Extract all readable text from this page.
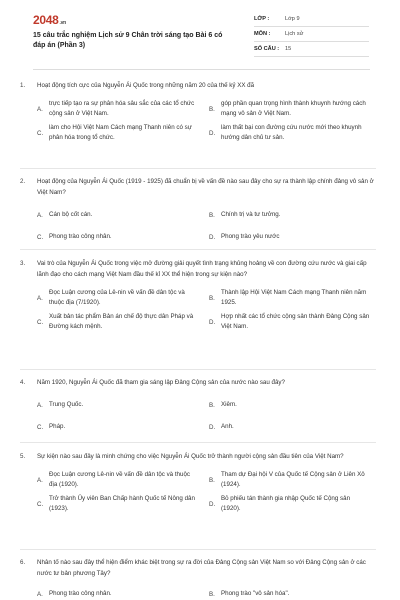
2048.vn
15 câu trắc nghiệm Lịch sử 9 Chân trời sáng tạo Bài 6 có đáp án (Phần 3)
LỚP :	Lớp 9
MÔN :	Lịch sử
SỐ CÂU :	15
1.	Hoạt động tích cực của Nguyễn Ái Quốc trong những năm 20 của thế kỷ XX đã
A.
trực tiếp tạo ra sự phân hóa sâu sắc của các tổ chức cộng sản ở Việt Nam.
B.
góp phần quan trọng hình thành khuynh hướng cách mạng vô sản ở Việt Nam.
C.
làm cho Hội Việt Nam Cách mạng Thanh niên có sự phân hóa trong tổ chức.
D.
làm thất bại con đường cứu nước mới theo khuynh hướng dân chủ tư sản.
2.	Hoạt động của Nguyễn Ái Quốc (1919 - 1925) đã chuẩn bị về vấn đề nào sau đây cho sự ra thành lập chính đảng vô sản ở Việt Nam?
A. Cán bộ cốt cán.	B. Chính trị và tư tưởng.
C. Phong trào công nhân.	D. Phong trào yêu nước
3.	Vai trò của Nguyễn Ái Quốc trong việc mở đường giải quyết tình trạng khủng hoảng về con đường cứu nước và giai cấp lãnh đạo cho cách mạng Việt Nam đầu thế kỉ XX thể hiện trong sự kiện nào?
A.
Đọc Luận cương của Lê-nin về vấn đề dân tộc và thuộc địa (7/1920).
B.
Thành lập Hội Việt Nam Cách mạng Thanh niên năm 1925.
C.
Xuất bản tác phẩm Bản án chế độ thực dân Pháp và Đường kách mệnh.
D.
Hợp nhất các tổ chức cộng sản thành Đảng Cộng sản Việt Nam.
4.	Năm 1920, Nguyễn Ái Quốc đã tham gia sáng lập Đảng Cộng sản của nước nào sau đây?
A. Trung Quốc.	B. Xiêm.
C. Pháp.	D. Anh.
5.	Sự kiện nào sau đây là minh chứng cho việc Nguyễn Ái Quốc trở thành người cộng sản đầu tiên của Việt Nam?
A.
Đọc Luận cương Lê-nin về vấn đề dân tộc và thuộc địa (1920).
B.
Tham dự Đại hội V của Quốc tế Cộng sản ở Liên Xô (1924).
C.
Trở thành Ủy viên Ban Chấp hành Quốc tế Nông dân (1923).
D.
Bỏ phiếu tán thành gia nhập Quốc tế Cộng sản (1920).
6.	Nhân tố nào sau đây thể hiện điểm khác biệt trong sự ra đời của Đảng Cộng sản Việt Nam so với Đảng Cộng sản ở các nước tư bản phương Tây?
A. Phong trào công nhân.	B. Phong trào "vô sản hóa".
